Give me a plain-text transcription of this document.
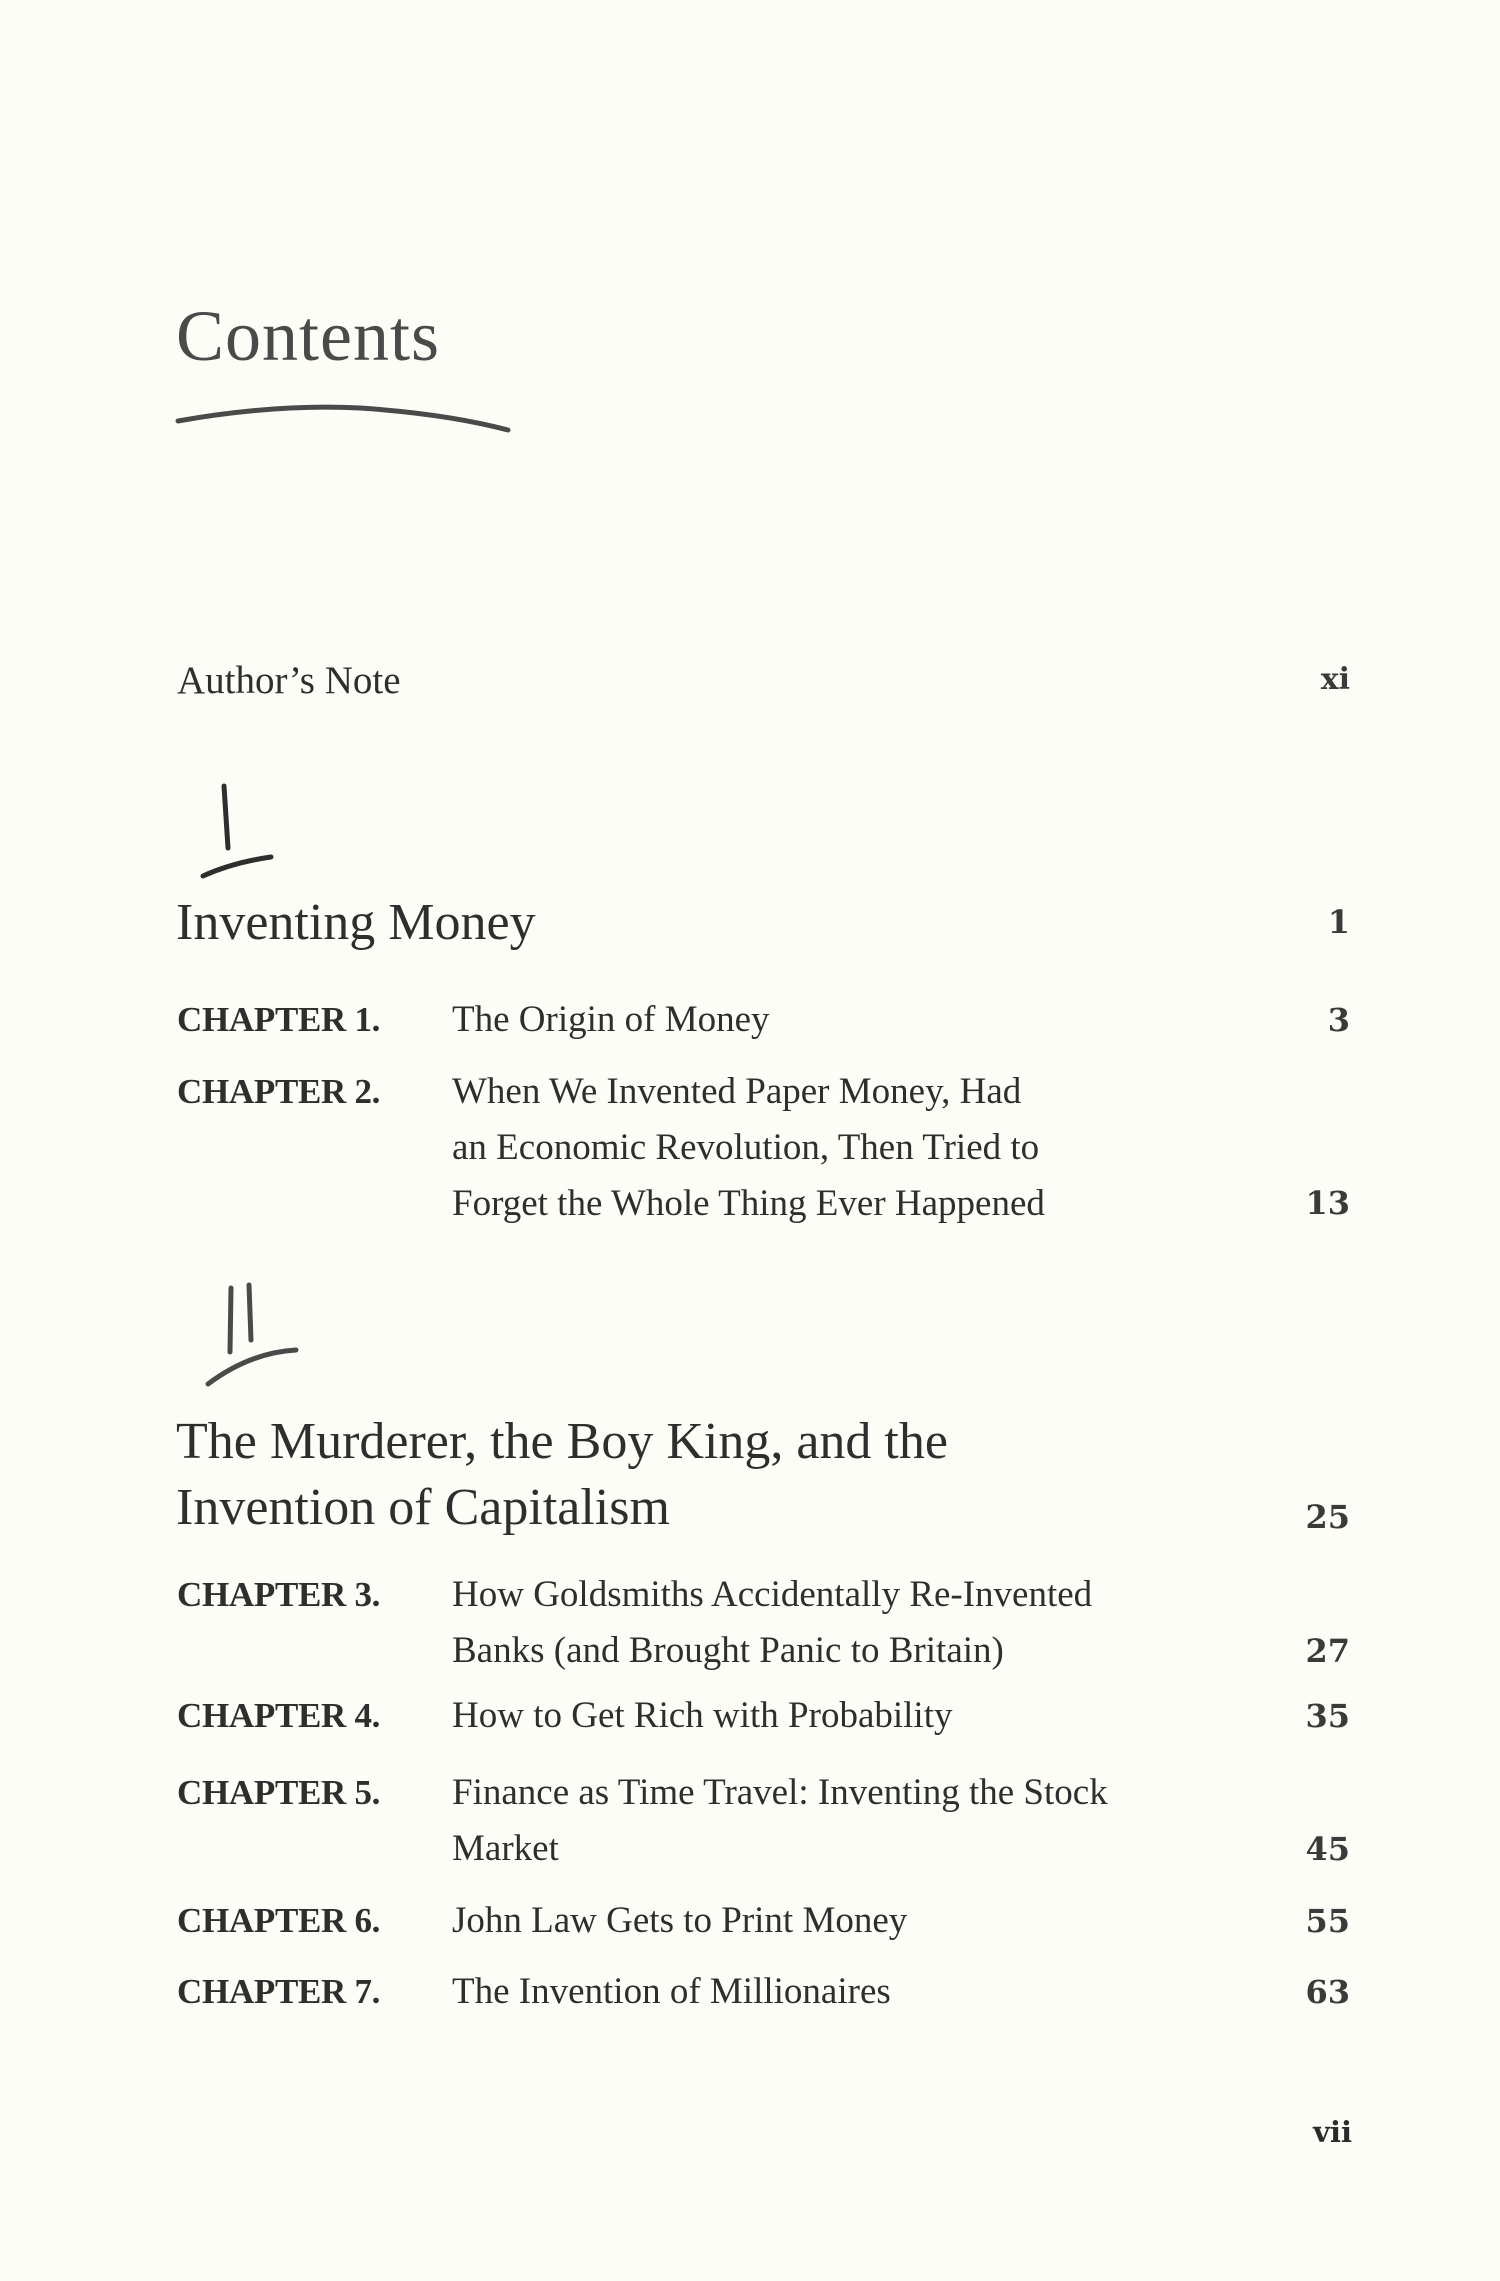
Contents
Author’s Note	xi
Inventing Money	1
CHAPTER 1. The Origin of Money	3
CHAPTER 2. When We Invented Paper Money, Had
an Economic Revolution, Then Tried to
Forget the Whole Thing Ever Happened	13
The Murderer, the Boy King, and the
Invention of Capitalism	25
CHAPTER 3. How Goldsmiths Accidentally Re-Invented
Banks (and Brought Panic to Britain)	27
CHAPTER 4. How to Get Rich with Probability	35
CHAPTER 5. Finance as Time Travel: Inventing the Stock
Market	45
CHAPTER 6. John Law Gets to Print Money	55
CHAPTER 7. The Invention of Millionaires	63
vii
